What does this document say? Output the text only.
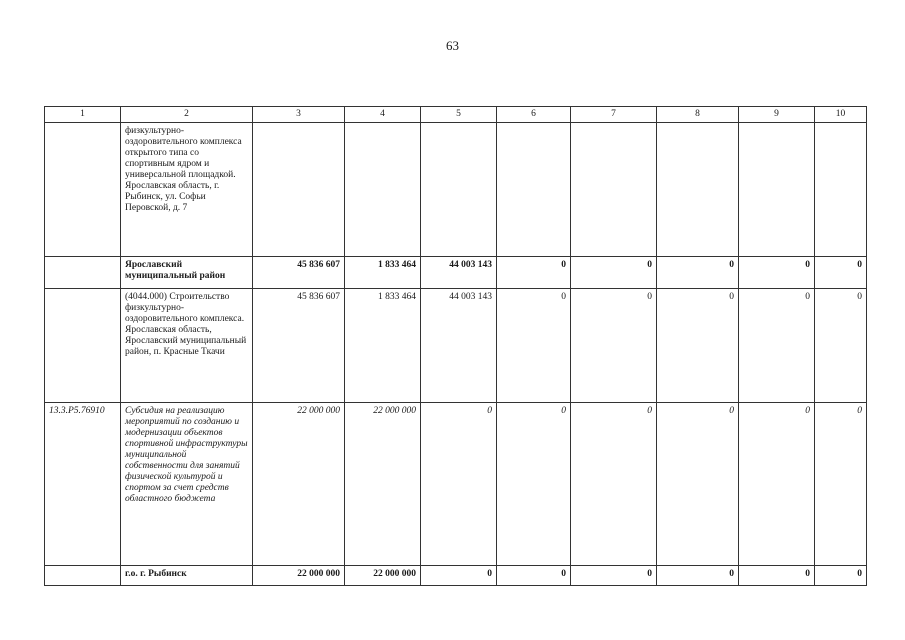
63
1	2	3	4	5	6	7	8	9	10
	физкультурно-оздоровительного комплекса открытого типа со спортивным ядром и универсальной площадкой. Ярославская область, г. Рыбинск, ул. Софьи Перовской, д. 7								
	Ярославский муниципальный район	45 836 607	1 833 464	44 003 143	0	0	0	0	0
	(4044.000) Строительство физкультурно-оздоровительного комплекса. Ярославская область, Ярославский муниципальный район, п. Красные Ткачи	45 836 607	1 833 464	44 003 143	0	0	0	0	0
13.3.P5.76910	Субсидия на реализацию мероприятий по созданию и модернизации объектов спортивной инфраструктуры муниципальной собственности для занятий физической культурой и спортом за счет средств областного бюджета	22 000 000	22 000 000	0	0	0	0	0	0
	г.о. г. Рыбинск	22 000 000	22 000 000	0	0	0	0	0	0
